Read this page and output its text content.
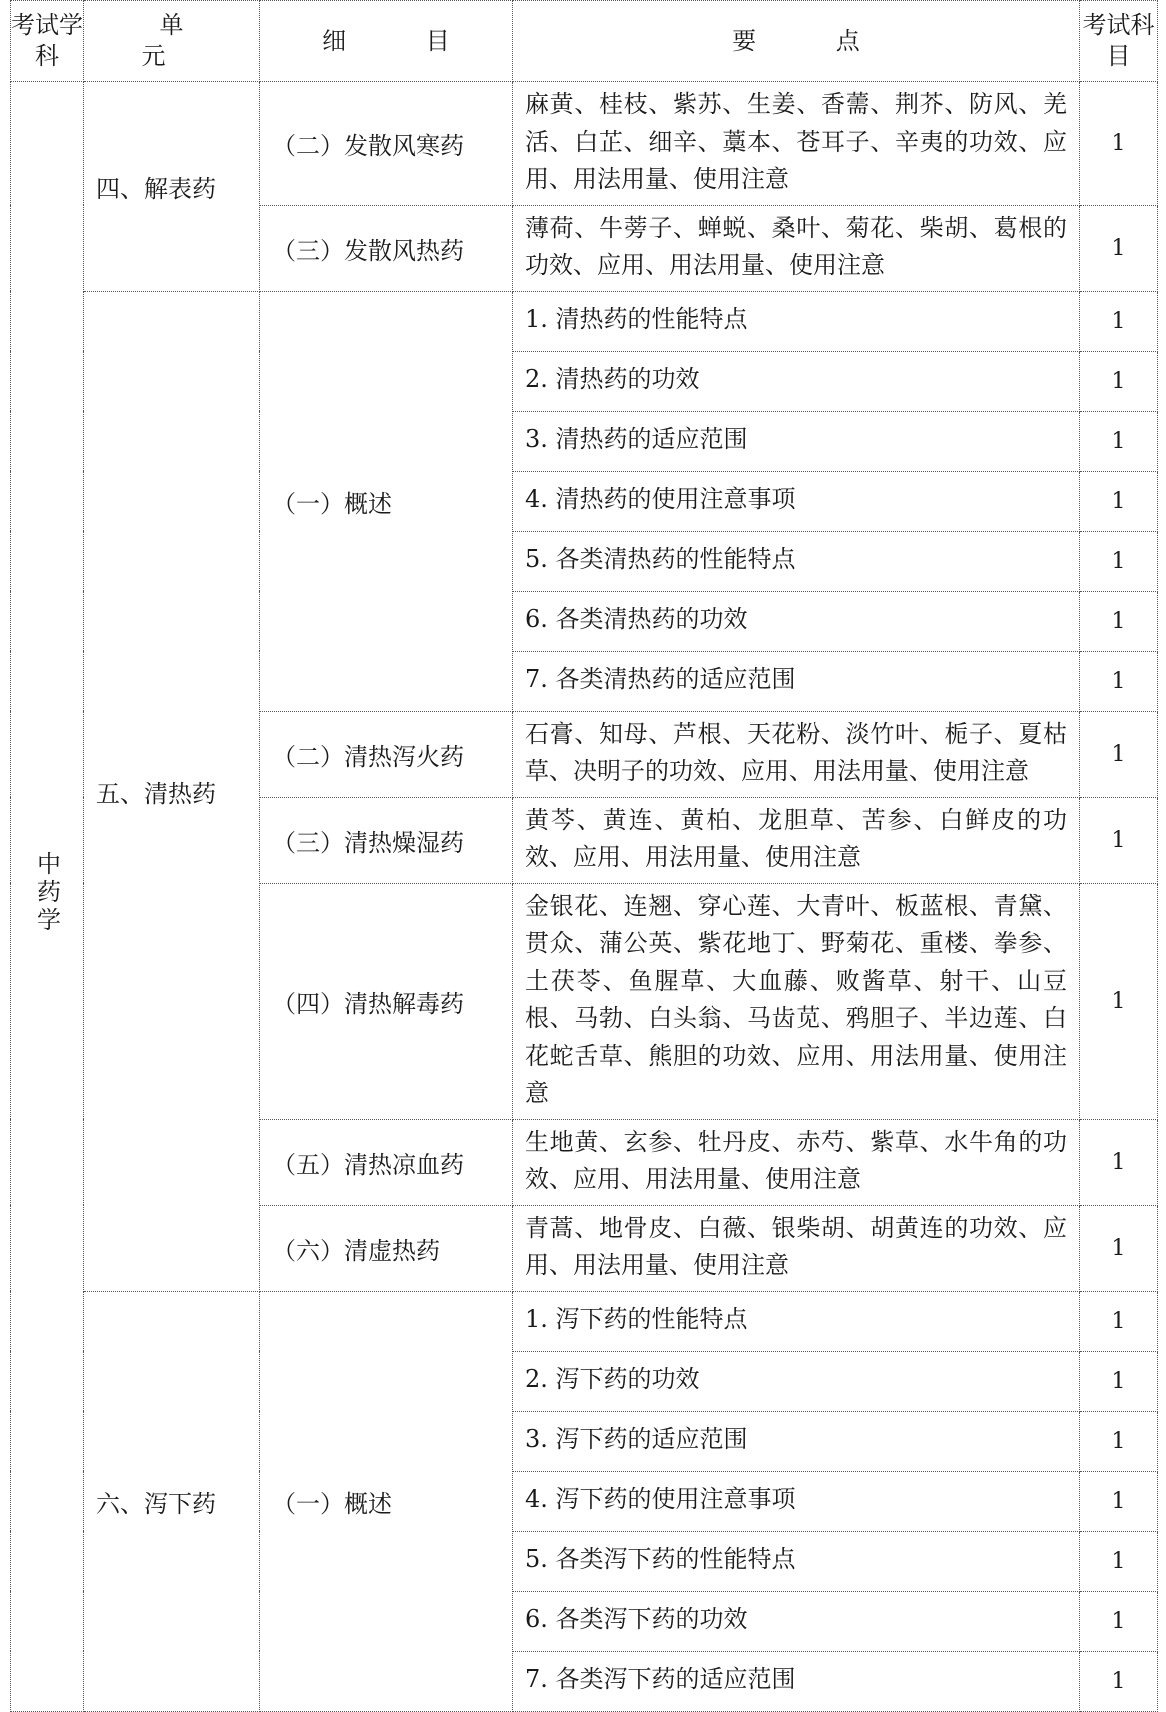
考试学科	单 元	细 目	要 点	考试科目
中药学	四、解表药	（二）发散风寒药	麻黄、桂枝、紫苏、生姜、香薷、荆芥、防风、羌活、白芷、细辛、藁本、苍耳子、辛夷的功效、应用、用法用量、使用注意	1
		（三）发散风热药	薄荷、牛蒡子、蝉蜕、桑叶、菊花、柴胡、葛根的功效、应用、用法用量、使用注意	1
	五、清热药	（一）概述	1. 清热药的性能特点	1
			2. 清热药的功效	1
			3. 清热药的适应范围	1
			4. 清热药的使用注意事项	1
			5. 各类清热药的性能特点	1
			6. 各类清热药的功效	1
			7. 各类清热药的适应范围	1
		（二）清热泻火药	石膏、知母、芦根、天花粉、淡竹叶、栀子、夏枯草、决明子的功效、应用、用法用量、使用注意	1
		（三）清热燥湿药	黄芩、黄连、黄柏、龙胆草、苦参、白鲜皮的功效、应用、用法用量、使用注意	1
		（四）清热解毒药	金银花、连翘、穿心莲、大青叶、板蓝根、青黛、贯众、蒲公英、紫花地丁、野菊花、重楼、拳参、土茯苓、鱼腥草、大血藤、败酱草、射干、山豆根、马勃、白头翁、马齿苋、鸦胆子、半边莲、白花蛇舌草、熊胆的功效、应用、用法用量、使用注意	1
		（五）清热凉血药	生地黄、玄参、牡丹皮、赤芍、紫草、水牛角的功效、应用、用法用量、使用注意	1
		（六）清虚热药	青蒿、地骨皮、白薇、银柴胡、胡黄连的功效、应用、用法用量、使用注意	1
	六、泻下药	（一）概述	1. 泻下药的性能特点	1
			2. 泻下药的功效	1
			3. 泻下药的适应范围	1
			4. 泻下药的使用注意事项	1
			5. 各类泻下药的性能特点	1
			6. 各类泻下药的功效	1
			7. 各类泻下药的适应范围	1
